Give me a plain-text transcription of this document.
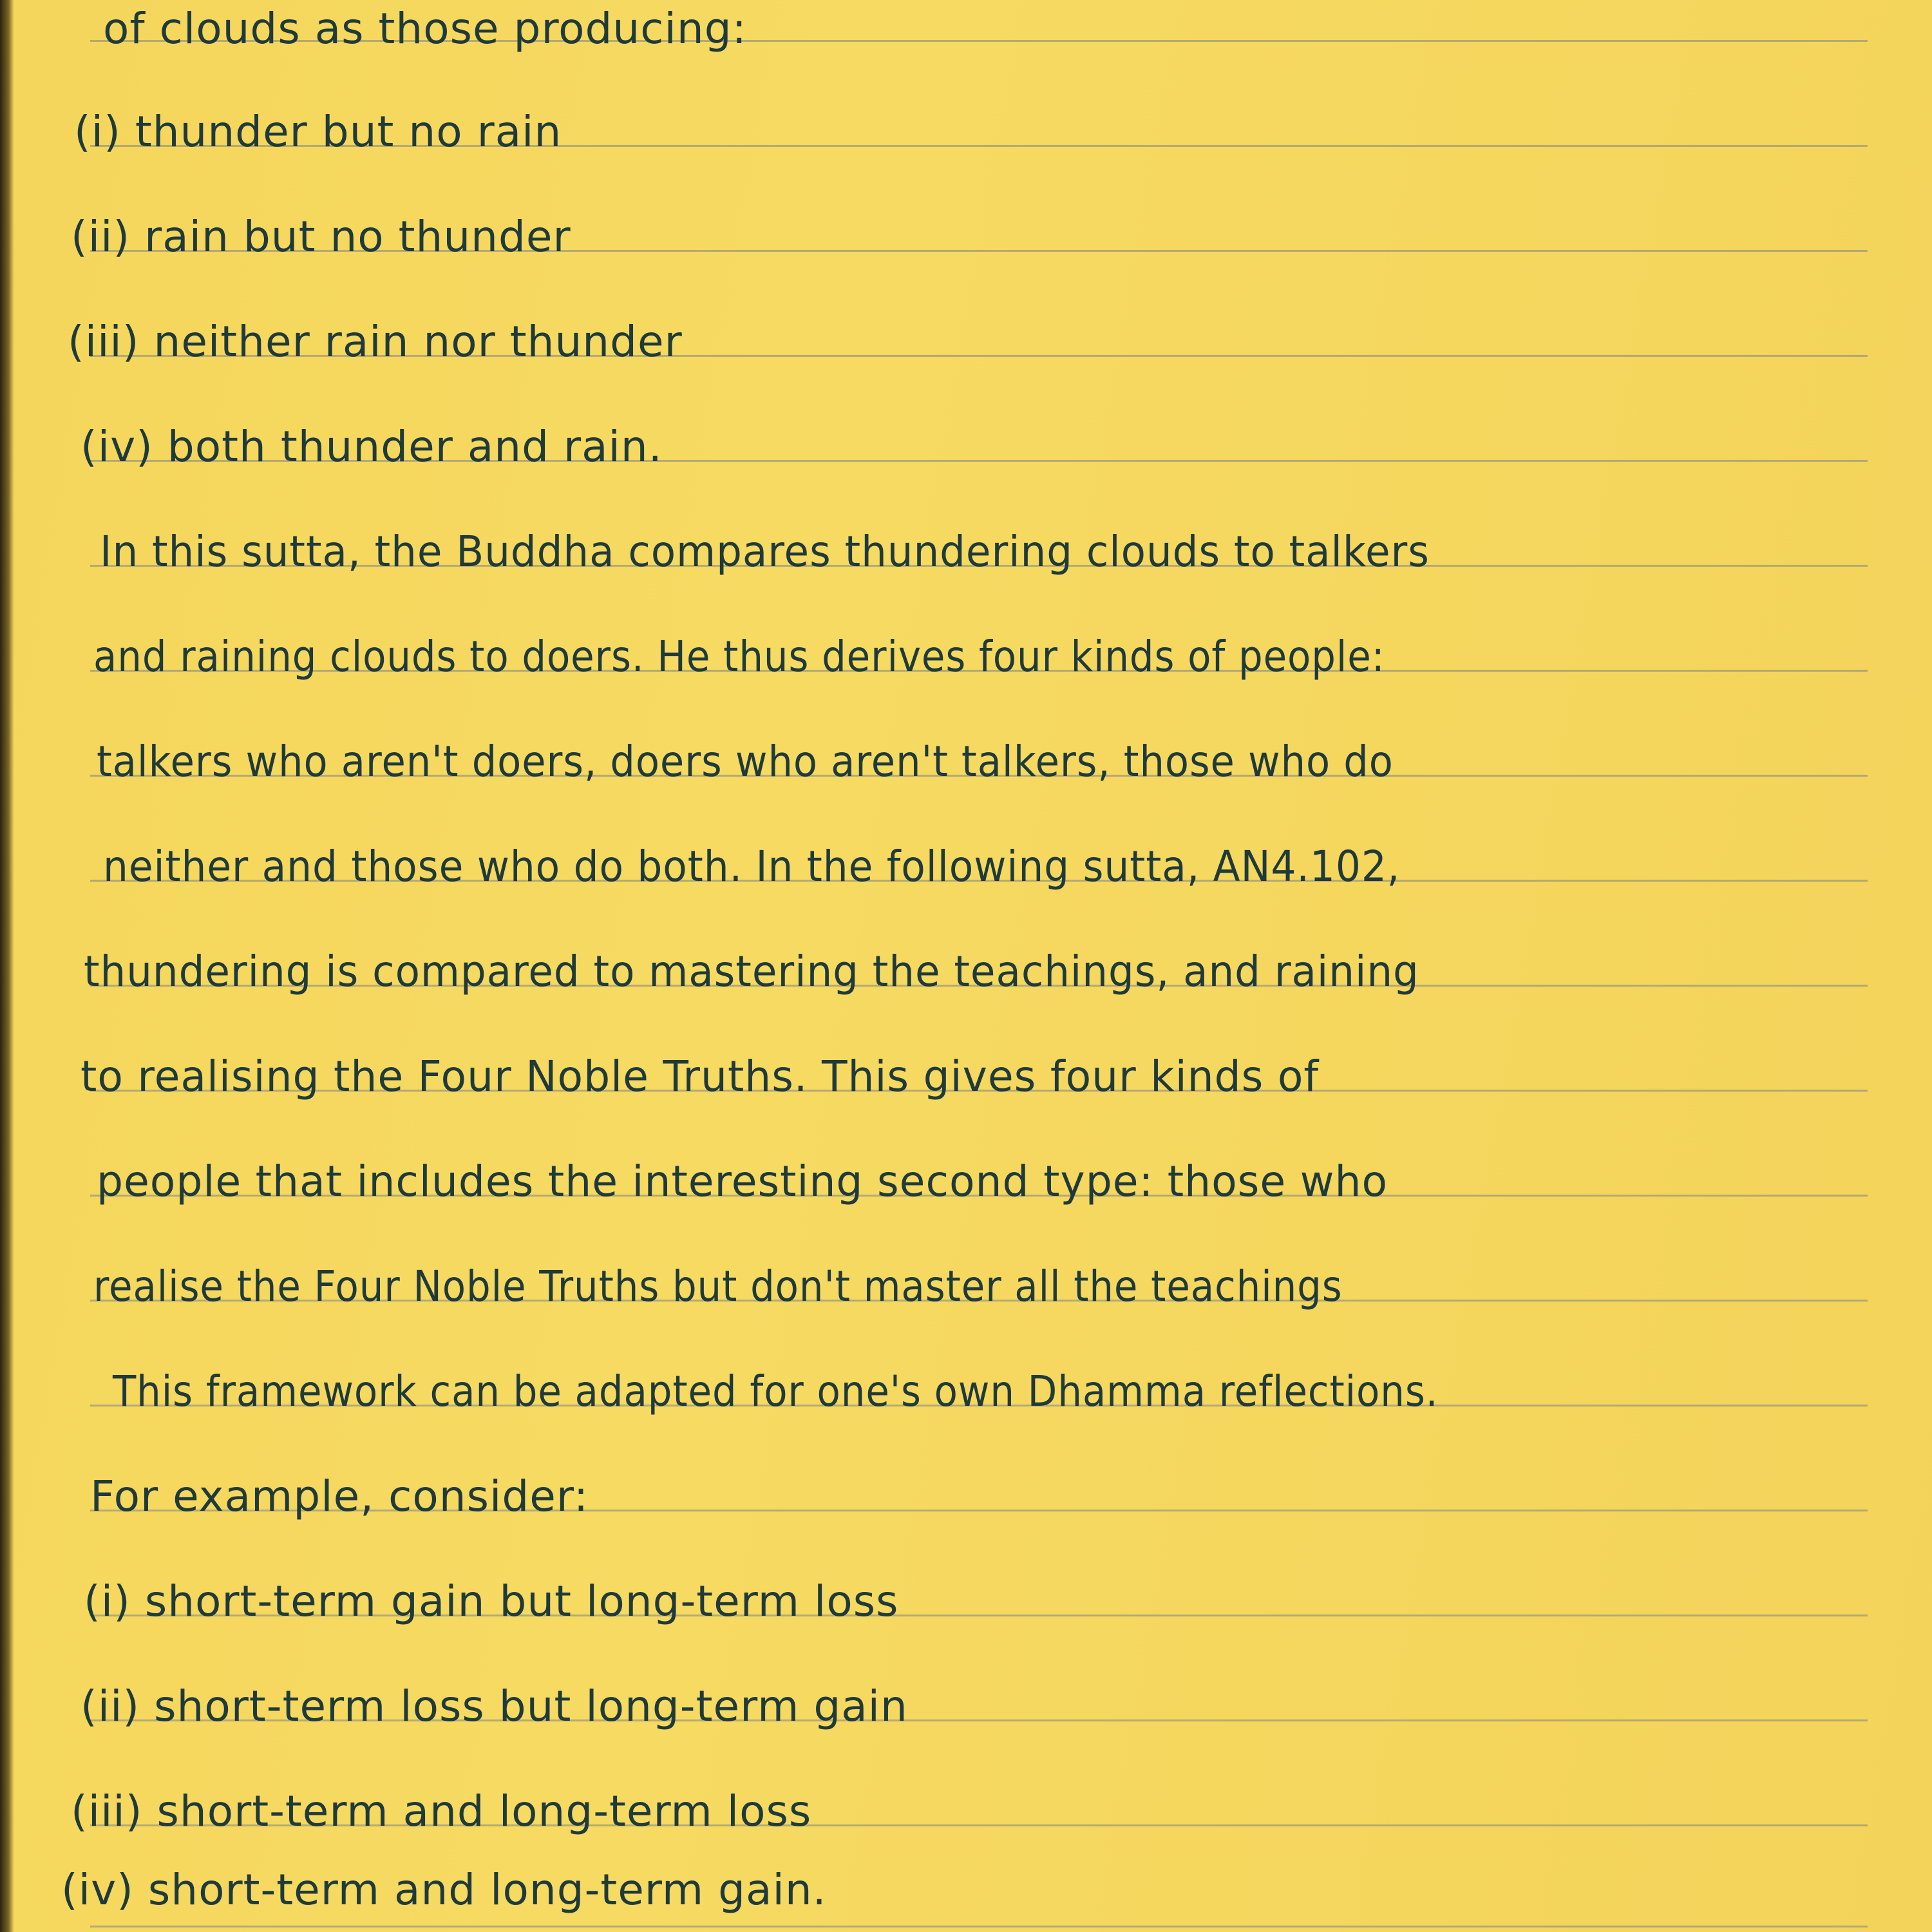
of clouds as those producing:
(i) thunder but no rain
(ii) rain but no thunder
(iii) neither rain nor thunder
(iv) both thunder and rain.
In this sutta, the Buddha compares thundering clouds to talkers
and raining clouds to doers. He thus derives four kinds of people:
talkers who aren't doers, doers who aren't talkers, those who do
neither and those who do both. In the following sutta, AN4.102,
thundering is compared to mastering the teachings, and raining
to realising the Four Noble Truths. This gives four kinds of
people that includes the interesting second type: those who
realise the Four Noble Truths but don't master all the teachings
This framework can be adapted for one's own Dhamma reflections.
For example, consider:
(i) short-term gain but long-term loss
(ii) short-term loss but long-term gain
(iii) short-term and long-term loss
(iv) short-term and long-term gain.
